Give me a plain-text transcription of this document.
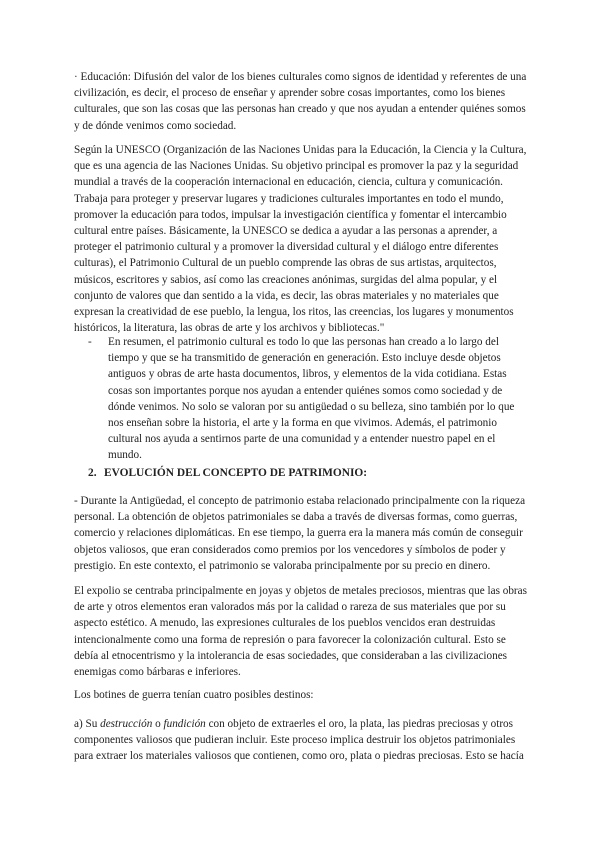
· Educación: Difusión del valor de los bienes culturales como signos de identidad y referentes de una civilización, es decir, el proceso de enseñar y aprender sobre cosas importantes, como los bienes culturales, que son las cosas que las personas han creado y que nos ayudan a entender quiénes somos y de dónde venimos como sociedad.

Según la UNESCO (Organización de las Naciones Unidas para la Educación, la Ciencia y la Cultura, que es una agencia de las Naciones Unidas. Su objetivo principal es promover la paz y la seguridad mundial a través de la cooperación internacional en educación, ciencia, cultura y comunicación. Trabaja para proteger y preservar lugares y tradiciones culturales importantes en todo el mundo, promover la educación para todos, impulsar la investigación científica y fomentar el intercambio cultural entre países. Básicamente, la UNESCO se dedica a ayudar a las personas a aprender, a proteger el patrimonio cultural y a promover la diversidad cultural y el diálogo entre diferentes culturas), el Patrimonio Cultural de un pueblo comprende las obras de sus artistas, arquitectos, músicos, escritores y sabios, así como las creaciones anónimas, surgidas del alma popular, y el conjunto de valores que dan sentido a la vida, es decir, las obras materiales y no materiales que expresan la creatividad de ese pueblo, la lengua, los ritos, las creencias, los lugares y monumentos históricos, la literatura, las obras de arte y los archivos y bibliotecas."

- En resumen, el patrimonio cultural es todo lo que las personas han creado a lo largo del tiempo y que se ha transmitido de generación en generación. Esto incluye desde objetos antiguos y obras de arte hasta documentos, libros, y elementos de la vida cotidiana. Estas cosas son importantes porque nos ayudan a entender quiénes somos como sociedad y de dónde venimos. No solo se valoran por su antigüedad o su belleza, sino también por lo que nos enseñan sobre la historia, el arte y la forma en que vivimos. Además, el patrimonio cultural nos ayuda a sentirnos parte de una comunidad y a entender nuestro papel en el mundo.

2. EVOLUCIÓN DEL CONCEPTO DE PATRIMONIO:

- Durante la Antigüedad, el concepto de patrimonio estaba relacionado principalmente con la riqueza personal. La obtención de objetos patrimoniales se daba a través de diversas formas, como guerras, comercio y relaciones diplomáticas. En ese tiempo, la guerra era la manera más común de conseguir objetos valiosos, que eran considerados como premios por los vencedores y símbolos de poder y prestigio. En este contexto, el patrimonio se valoraba principalmente por su precio en dinero.

El expolio se centraba principalmente en joyas y objetos de metales preciosos, mientras que las obras de arte y otros elementos eran valorados más por la calidad o rareza de sus materiales que por su aspecto estético. A menudo, las expresiones culturales de los pueblos vencidos eran destruidas intencionalmente como una forma de represión o para favorecer la colonización cultural. Esto se debía al etnocentrismo y la intolerancia de esas sociedades, que consideraban a las civilizaciones enemigas como bárbaras e inferiores.

Los botines de guerra tenían cuatro posibles destinos:

a) Su destrucción o fundición con objeto de extraerles el oro, la plata, las piedras preciosas y otros componentes valiosos que pudieran incluir. Este proceso implica destruir los objetos patrimoniales para extraer los materiales valiosos que contienen, como oro, plata o piedras preciosas. Esto se hacía
